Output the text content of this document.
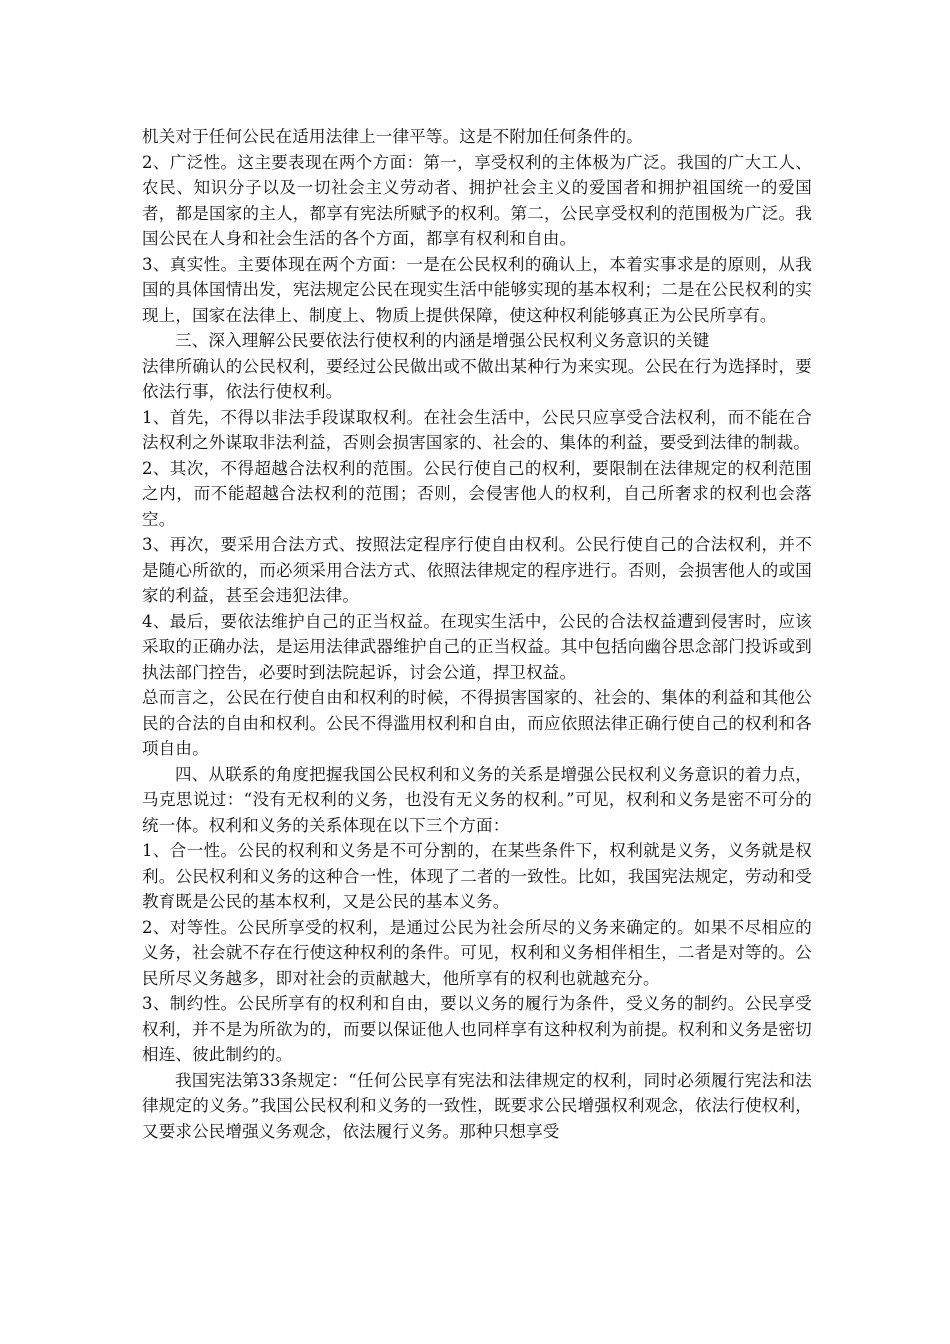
机关对于任何公民在适用法律上一律平等。这是不附加任何条件的。

2、广泛性。这主要表现在两个方面：第一，享受权利的主体极为广泛。我国的广大工人、农民、知识分子以及一切社会主义劳动者、拥护社会主义的爱国者和拥护祖国统一的爱国者，都是国家的主人，都享有宪法所赋予的权利。第二，公民享受权利的范围极为广泛。我国公民在人身和社会生活的各个方面，都享有权利和自由。

3、真实性。主要体现在两个方面：一是在公民权利的确认上，本着实事求是的原则，从我国的具体国情出发，宪法规定公民在现实生活中能够实现的基本权利；二是在公民权利的实现上，国家在法律上、制度上、物质上提供保障，使这种权利能够真正为公民所享有。

三、深入理解公民要依法行使权利的内涵是增强公民权利义务意识的关键

法律所确认的公民权利，要经过公民做出或不做出某种行为来实现。公民在行为选择时，要依法行事，依法行使权利。

1、首先，不得以非法手段谋取权利。在社会生活中，公民只应享受合法权利，而不能在合法权利之外谋取非法利益，否则会损害国家的、社会的、集体的利益，要受到法律的制裁。

2、其次，不得超越合法权利的范围。公民行使自己的权利，要限制在法律规定的权利范围之内，而不能超越合法权利的范围；否则，会侵害他人的权利，自己所奢求的权利也会落空。

3、再次，要采用合法方式、按照法定程序行使自由权利。公民行使自己的合法权利，并不是随心所欲的，而必须采用合法方式、依照法律规定的程序进行。否则，会损害他人的或国家的利益，甚至会违犯法律。

4、最后，要依法维护自己的正当权益。在现实生活中，公民的合法权益遭到侵害时，应该采取的正确办法，是运用法律武器维护自己的正当权益。其中包括向幽谷思念部门投诉或到执法部门控告，必要时到法院起诉，讨会公道，捍卫权益。

总而言之，公民在行使自由和权利的时候，不得损害国家的、社会的、集体的利益和其他公民的合法的自由和权利。公民不得滥用权利和自由，而应依照法律正确行使自己的权利和各项自由。

四、从联系的角度把握我国公民权利和义务的关系是增强公民权利义务意识的着力点，马克思说过：“没有无权利的义务，也没有无义务的权利。”可见，权利和义务是密不可分的统一体。权利和义务的关系体现在以下三个方面：

1、合一性。公民的权利和义务是不可分割的，在某些条件下，权利就是义务，义务就是权利。公民权利和义务的这种合一性，体现了二者的一致性。比如，我国宪法规定，劳动和受教育既是公民的基本权利，又是公民的基本义务。

2、对等性。公民所享受的权利，是通过公民为社会所尽的义务来确定的。如果不尽相应的义务，社会就不存在行使这种权利的条件。可见，权利和义务相伴相生，二者是对等的。公民所尽义务越多，即对社会的贡献越大，他所享有的权利也就越充分。

3、制约性。公民所享有的权利和自由，要以义务的履行为条件，受义务的制约。公民享受权利，并不是为所欲为的，而要以保证他人也同样享有这种权利为前提。权利和义务是密切相连、彼此制约的。

我国宪法第33条规定：“任何公民享有宪法和法律规定的权利，同时必须履行宪法和法律规定的义务。”我国公民权利和义务的一致性，既要求公民增强权利观念，依法行使权利，又要求公民增强义务观念，依法履行义务。那种只想享受
